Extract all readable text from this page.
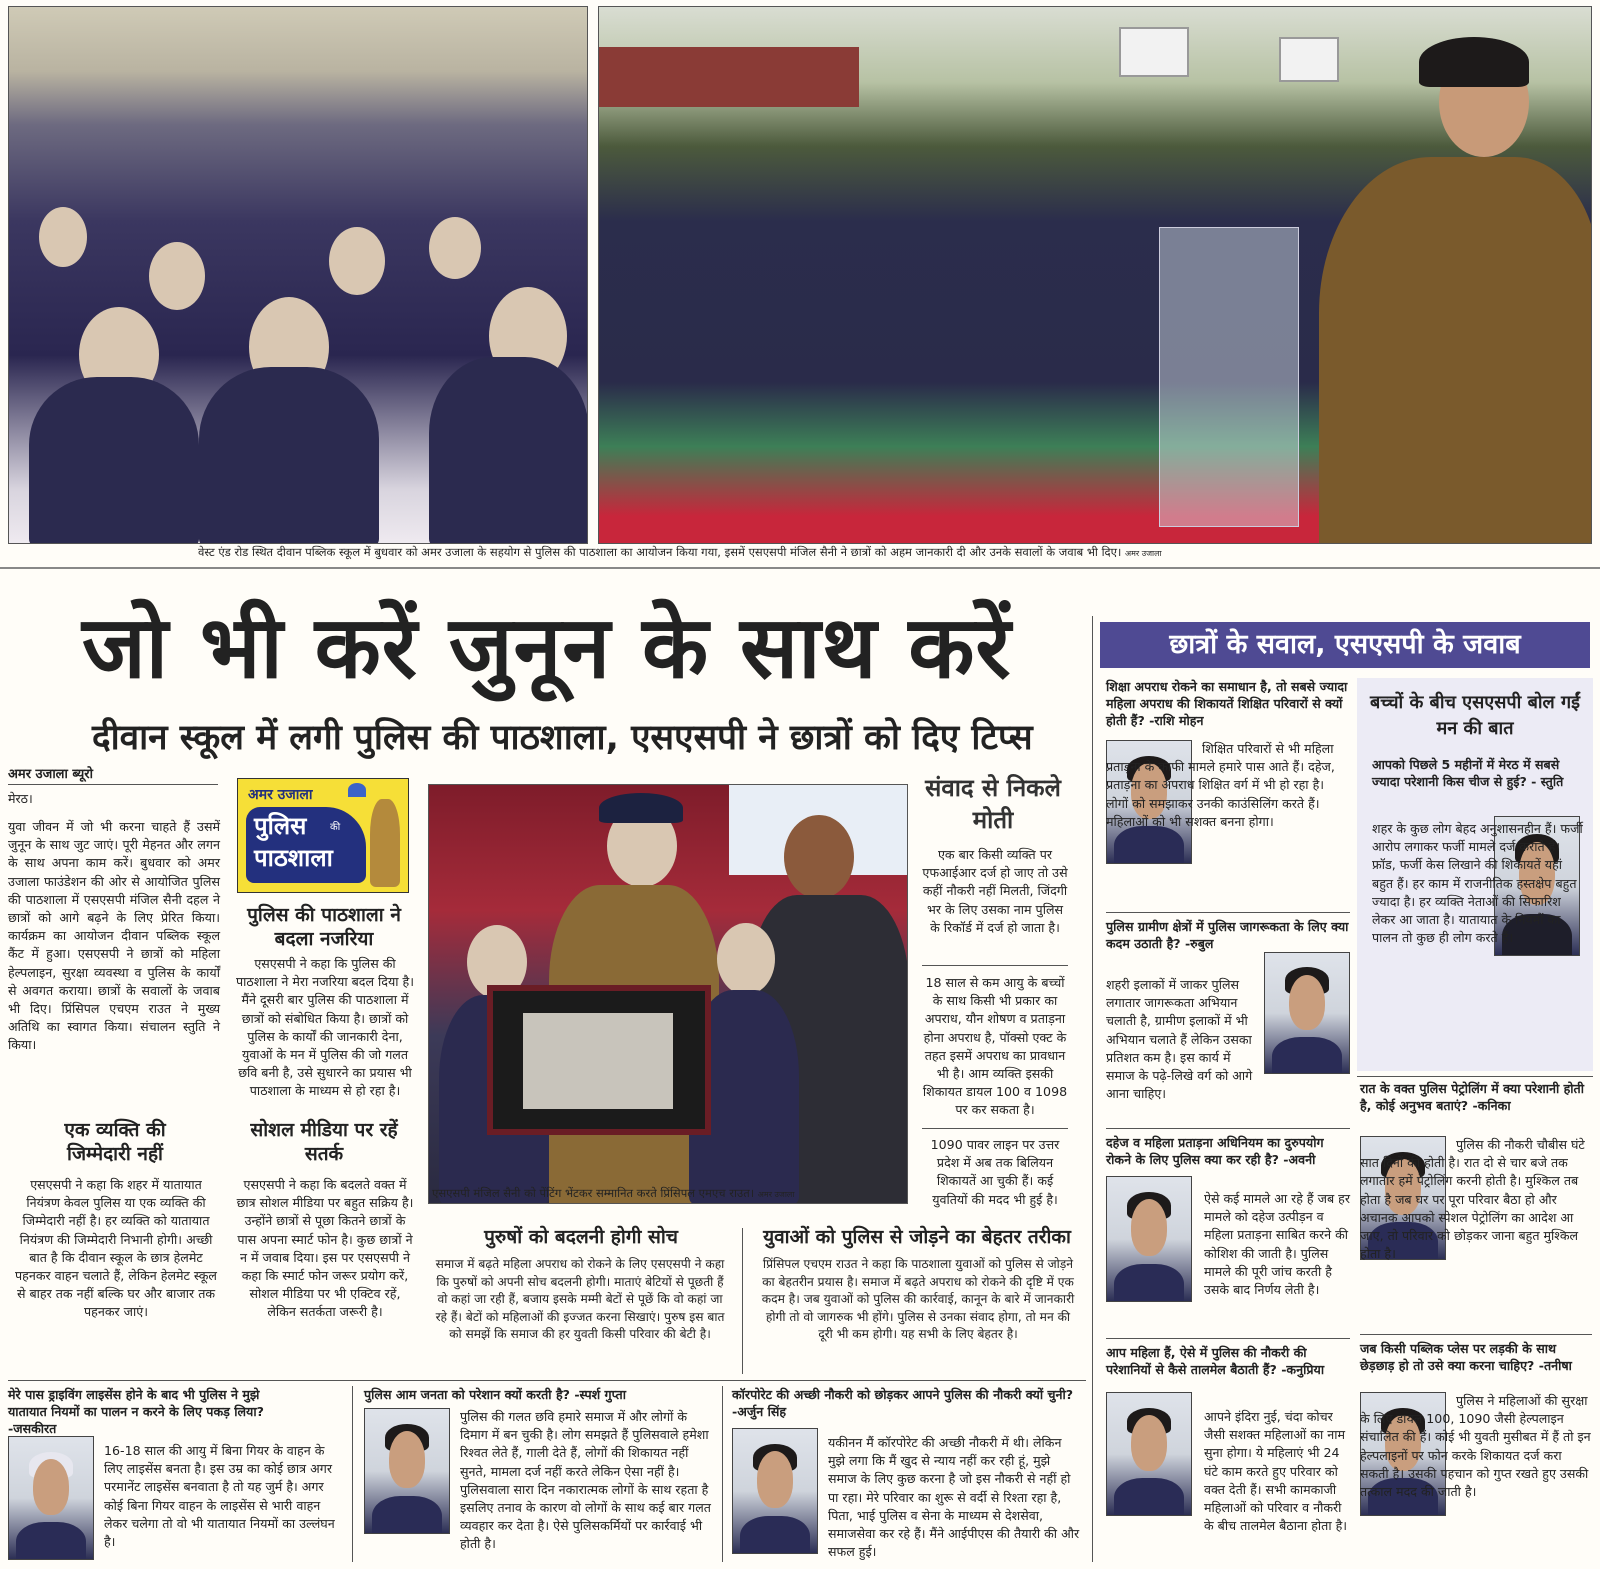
वेस्ट एंड रोड स्थित दीवान पब्लिक स्कूल में बुधवार को अमर उजाला के सहयोग से पुलिस की पाठशाला का आयोजन किया गया, इसमें एसएसपी मंजिल सैनी ने छात्रों को अहम जानकारी दी और उनके सवालों के जवाब भी दिए। अमर उजाला
जो भी करें जुनून के साथ करें
दीवान स्कूल में लगी पुलिस की पाठशाला, एसएसपी ने छात्रों को दिए टिप्स
अमर उजाला ब्यूरो
मेरठ।
युवा जीवन में जो भी करना चाहते हैं उसमें जुनून के साथ जुट जाएं। पूरी मेहनत और लगन के साथ अपना काम करें। बुधवार को अमर उजाला फाउंडेशन की ओर से आयोजित पुलिस की पाठशाला में एसएसपी मंजिल सैनी दहल ने छात्रों को आगे बढ़ने के लिए प्रेरित किया। कार्यक्रम का आयोजन दीवान पब्लिक स्कूल कैंट में हुआ। एसएसपी ने छात्रों को महिला हेल्पलाइन, सुरक्षा व्यवस्था व पुलिस के कार्यों से अवगत कराया। छात्रों के सवालों के जवाब भी दिए। प्रिंसिपल एचएम राउत ने मुख्य अतिथि का स्वागत किया। संचालन स्तुति ने किया।
एक व्यक्ति की जिम्मेदारी नहीं
एसएसपी ने कहा कि शहर में यातायात नियंत्रण केवल पुलिस या एक व्यक्ति की जिम्मेदारी नहीं है। हर व्यक्ति को यातायात नियंत्रण की जिम्मेदारी निभानी होगी। अच्छी बात है कि दीवान स्कूल के छात्र हेलमेट पहनकर वाहन चलाते हैं, लेकिन हेलमेट स्कूल से बाहर तक नहीं बल्कि घर और बाजार तक पहनकर जाएं।
अमर उजाला
पुलिस की
पाठशाला
पुलिस की पाठशाला ने बदला नजरिया
एसएसपी ने कहा कि पुलिस की पाठशाला ने मेरा नजरिया बदल दिया है। मैंने दूसरी बार पुलिस की पाठशाला में छात्रों को संबोधित किया है। छात्रों को पुलिस के कार्यों की जानकारी देना, युवाओं के मन में पुलिस की जो गलत छवि बनी है, उसे सुधारने का प्रयास भी पाठशाला के माध्यम से हो रहा है।
सोशल मीडिया पर रहें सतर्क
एसएसपी ने कहा कि बदलते वक्त में छात्र सोशल मीडिया पर बहुत सक्रिय है। उन्होंने छात्रों से पूछा कितने छात्रों के पास अपना स्मार्ट फोन है। कुछ छात्रों ने न में जवाब दिया। इस पर एसएसपी ने कहा कि स्मार्ट फोन जरूर प्रयोग करें, सोशल मीडिया पर भी एक्टिव रहें, लेकिन सतर्कता जरूरी है।
एसएसपी मंजिल सैनी को पेंटिंग भेंटकर सम्मानित करते प्रिंसिपल एमएच राउत। अमर उजाला
संवाद से निकले मोती
एक बार किसी व्यक्ति पर एफआईआर दर्ज हो जाए तो उसे कहीं नौकरी नहीं मिलती, जिंदगी भर के लिए उसका नाम पुलिस के रिकॉर्ड में दर्ज हो जाता है।
18 साल से कम आयु के बच्चों के साथ किसी भी प्रकार का अपराध, यौन शोषण व प्रताड़ना होना अपराध है, पॉक्सो एक्ट के तहत इसमें अपराध का प्रावधान भी है। आम व्यक्ति इसकी शिकायत डायल 100 व 1098 पर कर सकता है।
1090 पावर लाइन पर उत्तर प्रदेश में अब तक बिलियन शिकायतें आ चुकी हैं। कई युवतियों की मदद भी हुई है।
पुरुषों को बदलनी होगी सोच
समाज में बढ़ते महिला अपराध को रोकने के लिए एसएसपी ने कहा कि पुरुषों को अपनी सोच बदलनी होगी। माताएं बेटियों से पूछती हैं वो कहां जा रही हैं, बजाय इसके मम्मी बेटों से पूछें कि वो कहां जा रहे हैं। बेटों को महिलाओं की इज्जत करना सिखाएं। पुरुष इस बात को समझें कि समाज की हर युवती किसी परिवार की बेटी है।
युवाओं को पुलिस से जोड़ने का बेहतर तरीका
प्रिंसिपल एचएम राउत ने कहा कि पाठशाला युवाओं को पुलिस से जोड़ने का बेहतरीन प्रयास है। समाज में बढ़ते अपराध को रोकने की दृष्टि में एक कदम है। जब युवाओं को पुलिस की कार्रवाई, कानून के बारे में जानकारी होगी तो वो जागरुक भी होंगे। पुलिस से उनका संवाद होगा, तो मन की दूरी भी कम होगी। यह सभी के लिए बेहतर है।
मेरे पास ड्राइविंग लाइसेंस होने के बाद भी पुलिस ने मुझे यातायात नियमों का पालन न करने के लिए पकड़ लिया? -जसकीरत
16-18 साल की आयु में बिना गियर के वाहन के लिए लाइसेंस बनता है। इस उम्र का कोई छात्र अगर परमानेंट लाइसेंस बनवाता है तो यह जुर्म है। अगर कोई बिना गियर वाहन के लाइसेंस से भारी वाहन लेकर चलेगा तो वो भी यातायात नियमों का उल्लंघन है।
पुलिस आम जनता को परेशान क्यों करती है? -स्पर्श गुप्ता
पुलिस की गलत छवि हमारे समाज में और लोगों के दिमाग में बन चुकी है। लोग समझते हैं पुलिसवाले हमेशा रिश्वत लेते हैं, गाली देते हैं, लोगों की शिकायत नहीं सुनते, मामला दर्ज नहीं करते लेकिन ऐसा नहीं है। पुलिसवाला सारा दिन नकारात्मक लोगों के साथ रहता है इसलिए तनाव के कारण वो लोगों के साथ कई बार गलत व्यवहार कर देता है। ऐसे पुलिसकर्मियों पर कार्रवाई भी होती है।
कॉरपोरेट की अच्छी नौकरी को छोड़कर आपने पुलिस की नौकरी क्यों चुनी? -अर्जुन सिंह
यकीनन मैं कॉरपोरेट की अच्छी नौकरी में थी। लेकिन मुझे लगा कि मैं खुद से न्याय नहीं कर रही हूं, मुझे समाज के लिए कुछ करना है जो इस नौकरी से नहीं हो पा रहा। मेरे परिवार का शुरू से वर्दी से रिश्ता रहा है, पिता, भाई पुलिस व सेना के माध्यम से देशसेवा, समाजसेवा कर रहे हैं। मैंने आईपीएस की तैयारी की और सफल हुई।
छात्रों के सवाल, एसएसपी के जवाब
शिक्षा अपराध रोकने का समाधान है, तो सबसे ज्यादा महिला अपराध की शिकायतें शिक्षित परिवारों से क्यों होती हैं? -राशि मोहन
शिक्षित परिवारों से भी महिला प्रताड़ना के काफी मामले हमारे पास आते हैं। दहेज, प्रताड़ना का अपराध शिक्षित वर्ग में भी हो रहा है। लोगों को समझाकर उनकी काउंसिलिंग करते हैं। महिलाओं को भी सशक्त बनना होगा।
पुलिस ग्रामीण क्षेत्रों में पुलिस जागरूकता के लिए क्या कदम उठाती है? -रुबुल
शहरी इलाकों में जाकर पुलिस लगातार जागरूकता अभियान चलाती है, ग्रामीण इलाकों में भी अभियान चलाते हैं लेकिन उसका प्रतिशत कम है। इस कार्य में समाज के पढ़े-लिखे वर्ग को आगे आना चाहिए।
दहेज व महिला प्रताड़ना अधिनियम का दुरुपयोग रोकने के लिए पुलिस क्या कर रही है? -अवनी
ऐसे कई मामले आ रहे हैं जब हर मामले को दहेज उत्पीड़न व महिला प्रताड़ना साबित करने की कोशिश की जाती है। पुलिस मामले की पूरी जांच करती है उसके बाद निर्णय लेती है।
आप महिला हैं, ऐसे में पुलिस की नौकरी की परेशानियों से कैसे तालमेल बैठाती हैं? -कनुप्रिया
आपने इंदिरा नुई, चंदा कोचर जैसी सशक्त महिलाओं का नाम सुना होगा। ये महिलाएं भी 24 घंटे काम करते हुए परिवार को वक्त देती हैं। सभी कामकाजी महिलाओं को परिवार व नौकरी के बीच तालमेल बैठाना होता है।
बच्चों के बीच एसएसपी बोल गईं मन की बात
आपको पिछले 5 महीनों में मेरठ में सबसे ज्यादा परेशानी किस चीज से हुई? - स्तुति
शहर के कुछ लोग बेहद अनुशासनहीन हैं। फर्जी आरोप लगाकर फर्जी मामले दर्ज कराते हैं। फ्रॉड, फर्जी केस लिखाने की शिकायतें यहां बहुत हैं। हर काम में राजनीतिक हस्तक्षेप बहुत ज्यादा है। हर व्यक्ति नेताओं की सिफारिश लेकर आ जाता है। यातायात के नियमों का पालन तो कुछ ही लोग करते हैं।
रात के वक्त पुलिस पेट्रोलिंग में क्या परेशानी होती है, कोई अनुभव बताएं? -कनिका
पुलिस की नौकरी चौबीस घंटे सात दिनों की होती है। रात दो से चार बजे तक लगातार हमें पेट्रोलिंग करनी होती है। मुश्किल तब होता है जब घर पर पूरा परिवार बैठा हो और अचानक आपको स्पेशल पेट्रोलिंग का आदेश आ जाए, तो परिवार को छोड़कर जाना बहुत मुश्किल होता है।
जब किसी पब्लिक प्लेस पर लड़की के साथ छेड़छाड़ हो तो उसे क्या करना चाहिए? -तनीषा
पुलिस ने महिलाओं की सुरक्षा के लिए डायल 100, 1090 जैसी हेल्पलाइन संचालित की हैं। कोई भी युवती मुसीबत में हैं तो इन हेल्पलाइनों पर फोन करके शिकायत दर्ज करा सकती है। उसकी पहचान को गुप्त रखते हुए उसकी तत्काल मदद की जाती है।
